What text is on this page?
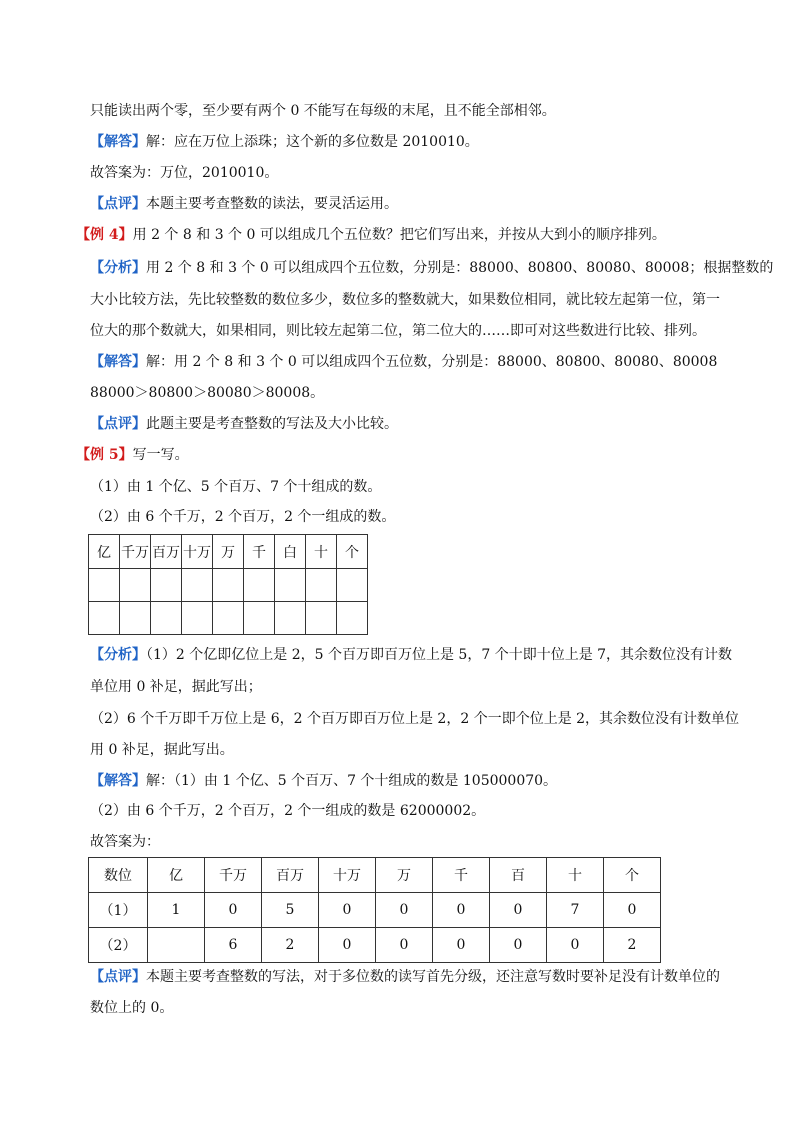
只能读出两个零，至少要有两个 0 不能写在每级的末尾，且不能全部相邻。
【解答】解：应在万位上添珠；这个新的多位数是 2010010。
故答案为：万位，2010010。
【点评】本题主要考查整数的读法，要灵活运用。
【例 4】用 2 个 8 和 3 个 0 可以组成几个五位数？把它们写出来，并按从大到小的顺序排列。
【分析】用 2 个 8 和 3 个 0 可以组成四个五位数，分别是：88000、80800、80080、80008；根据整数的
大小比较方法，先比较整数的数位多少，数位多的整数就大，如果数位相同，就比较左起第一位，第一
位大的那个数就大，如果相同，则比较左起第二位，第二位大的……即可对这些数进行比较、排列。
【解答】解：用 2 个 8 和 3 个 0 可以组成四个五位数，分别是：88000、80800、80080、80008
88000＞80800＞80080＞80008。
【点评】此题主要是考查整数的写法及大小比较。
【例 5】写一写。
（1）由 1 个亿、5 个百万、7 个十组成的数。
（2）由 6 个千万，2 个百万，2 个一组成的数。
亿	千万	百万	十万	万	千	白	十	个

【分析】（1）2 个亿即亿位上是 2，5 个百万即百万位上是 5，7 个十即十位上是 7，其余数位没有计数
单位用 0 补足，据此写出；
（2）6 个千万即千万位上是 6，2 个百万即百万位上是 2，2 个一即个位上是 2，其余数位没有计数单位
用 0 补足，据此写出。
【解答】解：（1）由 1 个亿、5 个百万、7 个十组成的数是 105000070。
（2）由 6 个千万，2 个百万，2 个一组成的数是 62000002。
故答案为：
数位	亿	千万	百万	十万	万	千	百	十	个
（1）	1	0	5	0	0	0	0	7	0
（2）		6	2	0	0	0	0	0	2
【点评】本题主要考查整数的写法，对于多位数的读写首先分级，还注意写数时要补足没有计数单位的
数位上的 0。
